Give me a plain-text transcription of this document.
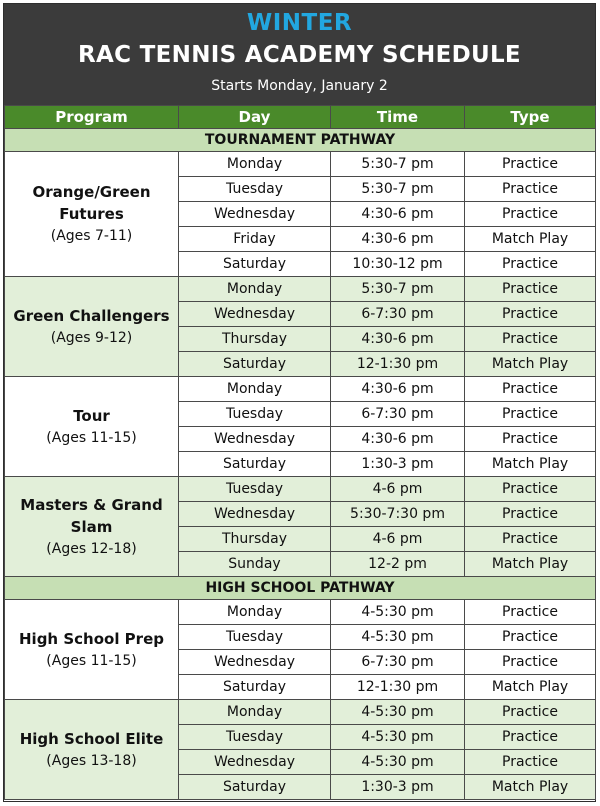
WINTER
RAC TENNIS ACADEMY SCHEDULE
Starts Monday, January 2
Program	Day	Time	Type
TOURNAMENT PATHWAY			

Orange/Green Futures
(Ages 7-11)	Monday	5:30-7 pm	Practice
	Tuesday	5:30-7 pm	Practice
	Wednesday	4:30-6 pm	Practice
	Friday	4:30-6 pm	Match Play
	Saturday	10:30-12 pm	Practice

Green Challengers
(Ages 9-12)	Monday	5:30-7 pm	Practice
	Wednesday	6-7:30 pm	Practice
	Thursday	4:30-6 pm	Practice
	Saturday	12-1:30 pm	Match Play

Tour
(Ages 11-15)	Monday	4:30-6 pm	Practice
	Tuesday	6-7:30 pm	Practice
	Wednesday	4:30-6 pm	Practice
	Saturday	1:30-3 pm	Match Play

Masters & Grand Slam
(Ages 12-18)	Tuesday	4-6 pm	Practice
	Wednesday	5:30-7:30 pm	Practice
	Thursday	4-6 pm	Practice
	Sunday	12-2 pm	Match Play
HIGH SCHOOL PATHWAY			

High School Prep
(Ages 11-15)	Monday	4-5:30 pm	Practice
	Tuesday	4-5:30 pm	Practice
	Wednesday	6-7:30 pm	Practice
	Saturday	12-1:30 pm	Match Play

High School Elite
(Ages 13-18)	Monday	4-5:30 pm	Practice
	Tuesday	4-5:30 pm	Practice
	Wednesday	4-5:30 pm	Practice
	Saturday	1:30-3 pm	Match Play
